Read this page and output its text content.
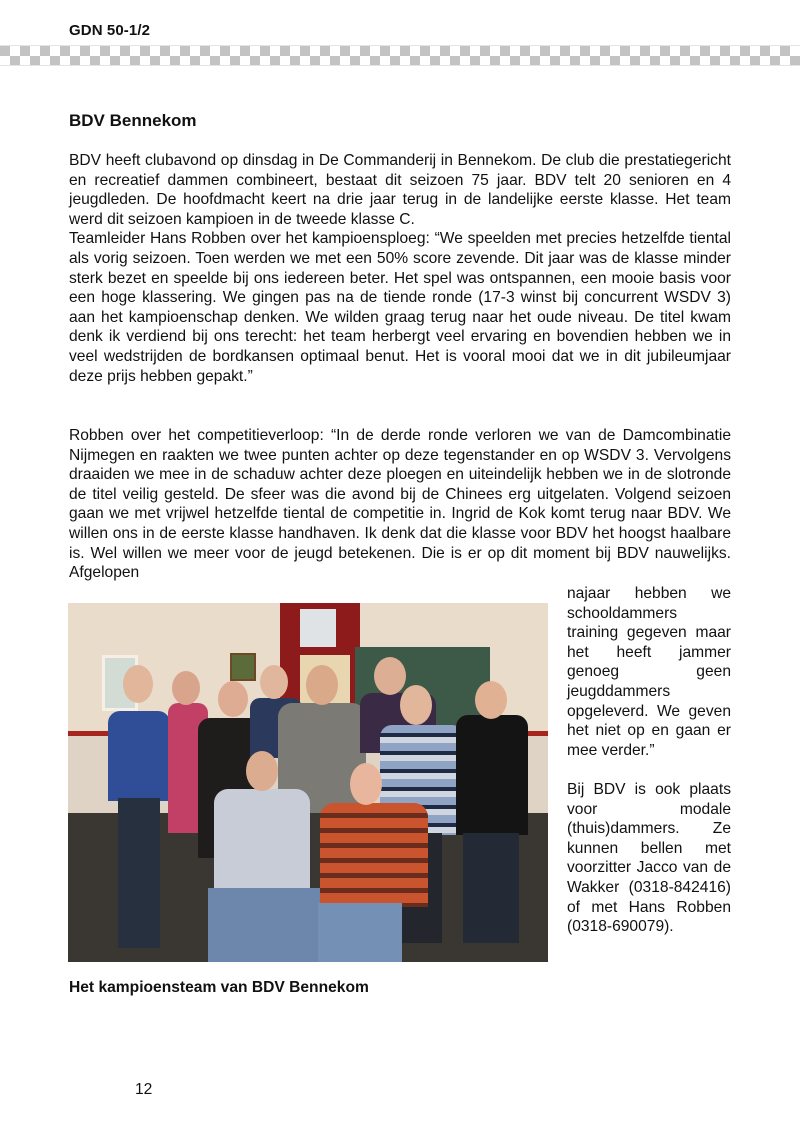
GDN 50-1/2
BDV Bennekom

BDV heeft clubavond op dinsdag in De Commanderij in Bennekom. De club die prestatiegericht en recreatief dammen combineert, bestaat dit seizoen 75 jaar. BDV telt 20 senioren en 4 jeugdleden. De hoofdmacht keert na drie jaar terug in de landelijke eerste klasse. Het team werd dit seizoen kampioen in de tweede klasse C.
Teamleider Hans Robben over het kampioensploeg: “We speelden met precies hetzelfde tiental als vorig seizoen. Toen werden we met een 50% score zevende. Dit jaar was de klasse minder sterk bezet en speelde bij ons iedereen beter. Het spel was ontspannen, een mooie basis voor een hoge klassering. We gingen pas na de tiende ronde (17-3 winst bij concurrent WSDV 3) aan het kampioenschap denken. We wilden graag terug naar het oude niveau. De titel kwam denk ik verdiend bij ons terecht: het team herbergt veel ervaring en bovendien hebben we in veel wedstrijden de bordkansen optimaal benut. Het is vooral mooi dat we in dit jubileumjaar deze prijs hebben gepakt.”

Robben over het competitieverloop: “In de derde ronde verloren we van de Damcombinatie Nijmegen en raakten we twee punten achter op deze tegenstander en op WSDV 3. Vervolgens draaiden we mee in de schaduw achter deze ploegen en uiteindelijk hebben we in de slotronde de titel veilig gesteld. De sfeer was die avond bij de Chinees erg uitgelaten. Volgend seizoen gaan we met vrijwel hetzelfde tiental de competitie in. Ingrid de Kok komt terug naar BDV. We willen ons in de eerste klasse handhaven. Ik denk dat die klasse voor BDV het hoogst haalbare is. Wel willen we meer voor de jeugd betekenen. Die is er op dit moment bij BDV nauwelijks. Afgelopen

najaar hebben we schooldammers training gegeven maar het heeft jammer genoeg geen jeugddammers opgeleverd. We geven het niet op en gaan er mee verder.”

Bij BDV is ook plaats voor modale (thuis)dammers. Ze kunnen bellen met voorzitter Jacco van de Wakker (0318-842416) of met Hans Robben (0318-690079).

Het kampioensteam van BDV Bennekom

12
